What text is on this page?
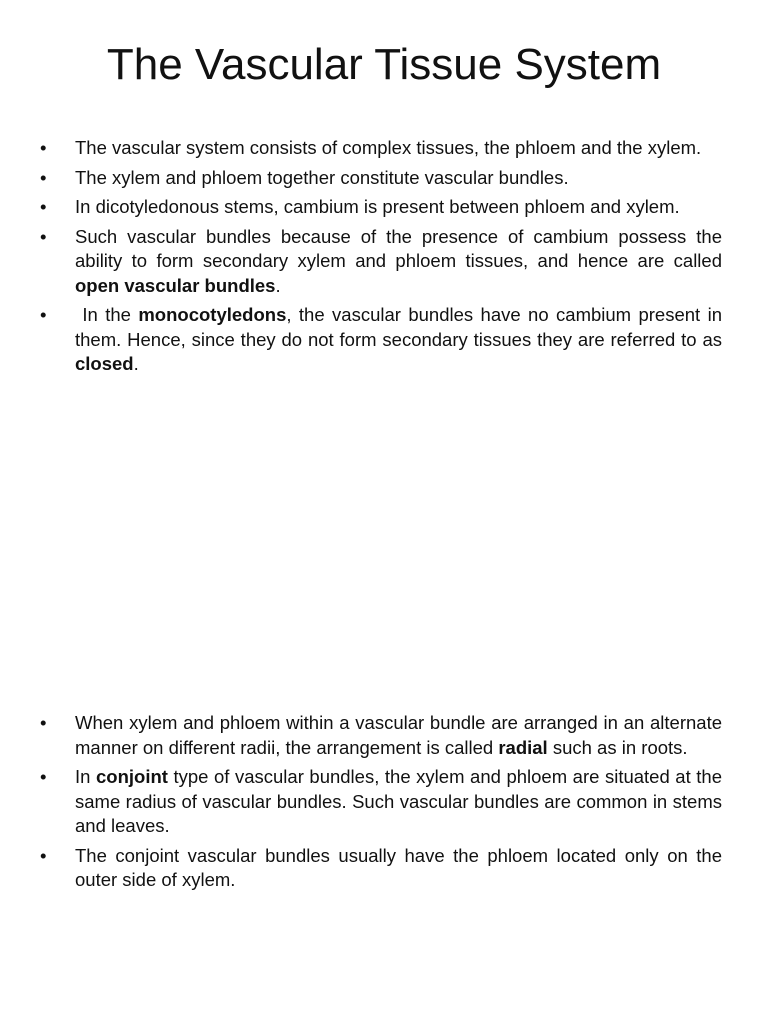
The Vascular Tissue System
•	The vascular system consists of complex tissues, the phloem and the xylem.
•	The xylem and phloem together constitute vascular bundles.
•	In dicotyledonous stems, cambium is present between phloem and xylem.
•	Such vascular bundles because of the presence of cambium possess the ability to form secondary xylem and phloem tissues, and hence are called open vascular bundles.
•	In the monocotyledons, the vascular bundles have no cambium present in them. Hence, since they do not form secondary tissues they are referred to as closed.
•	When xylem and phloem within a vascular bundle are arranged in an alternate manner on different radii, the arrangement is called radial such as in roots.
•	In conjoint type of vascular bundles, the xylem and phloem are situated at the same radius of vascular bundles. Such vascular bundles are common in stems and leaves.
•	The conjoint vascular bundles usually have the phloem located only on the outer side of xylem.
